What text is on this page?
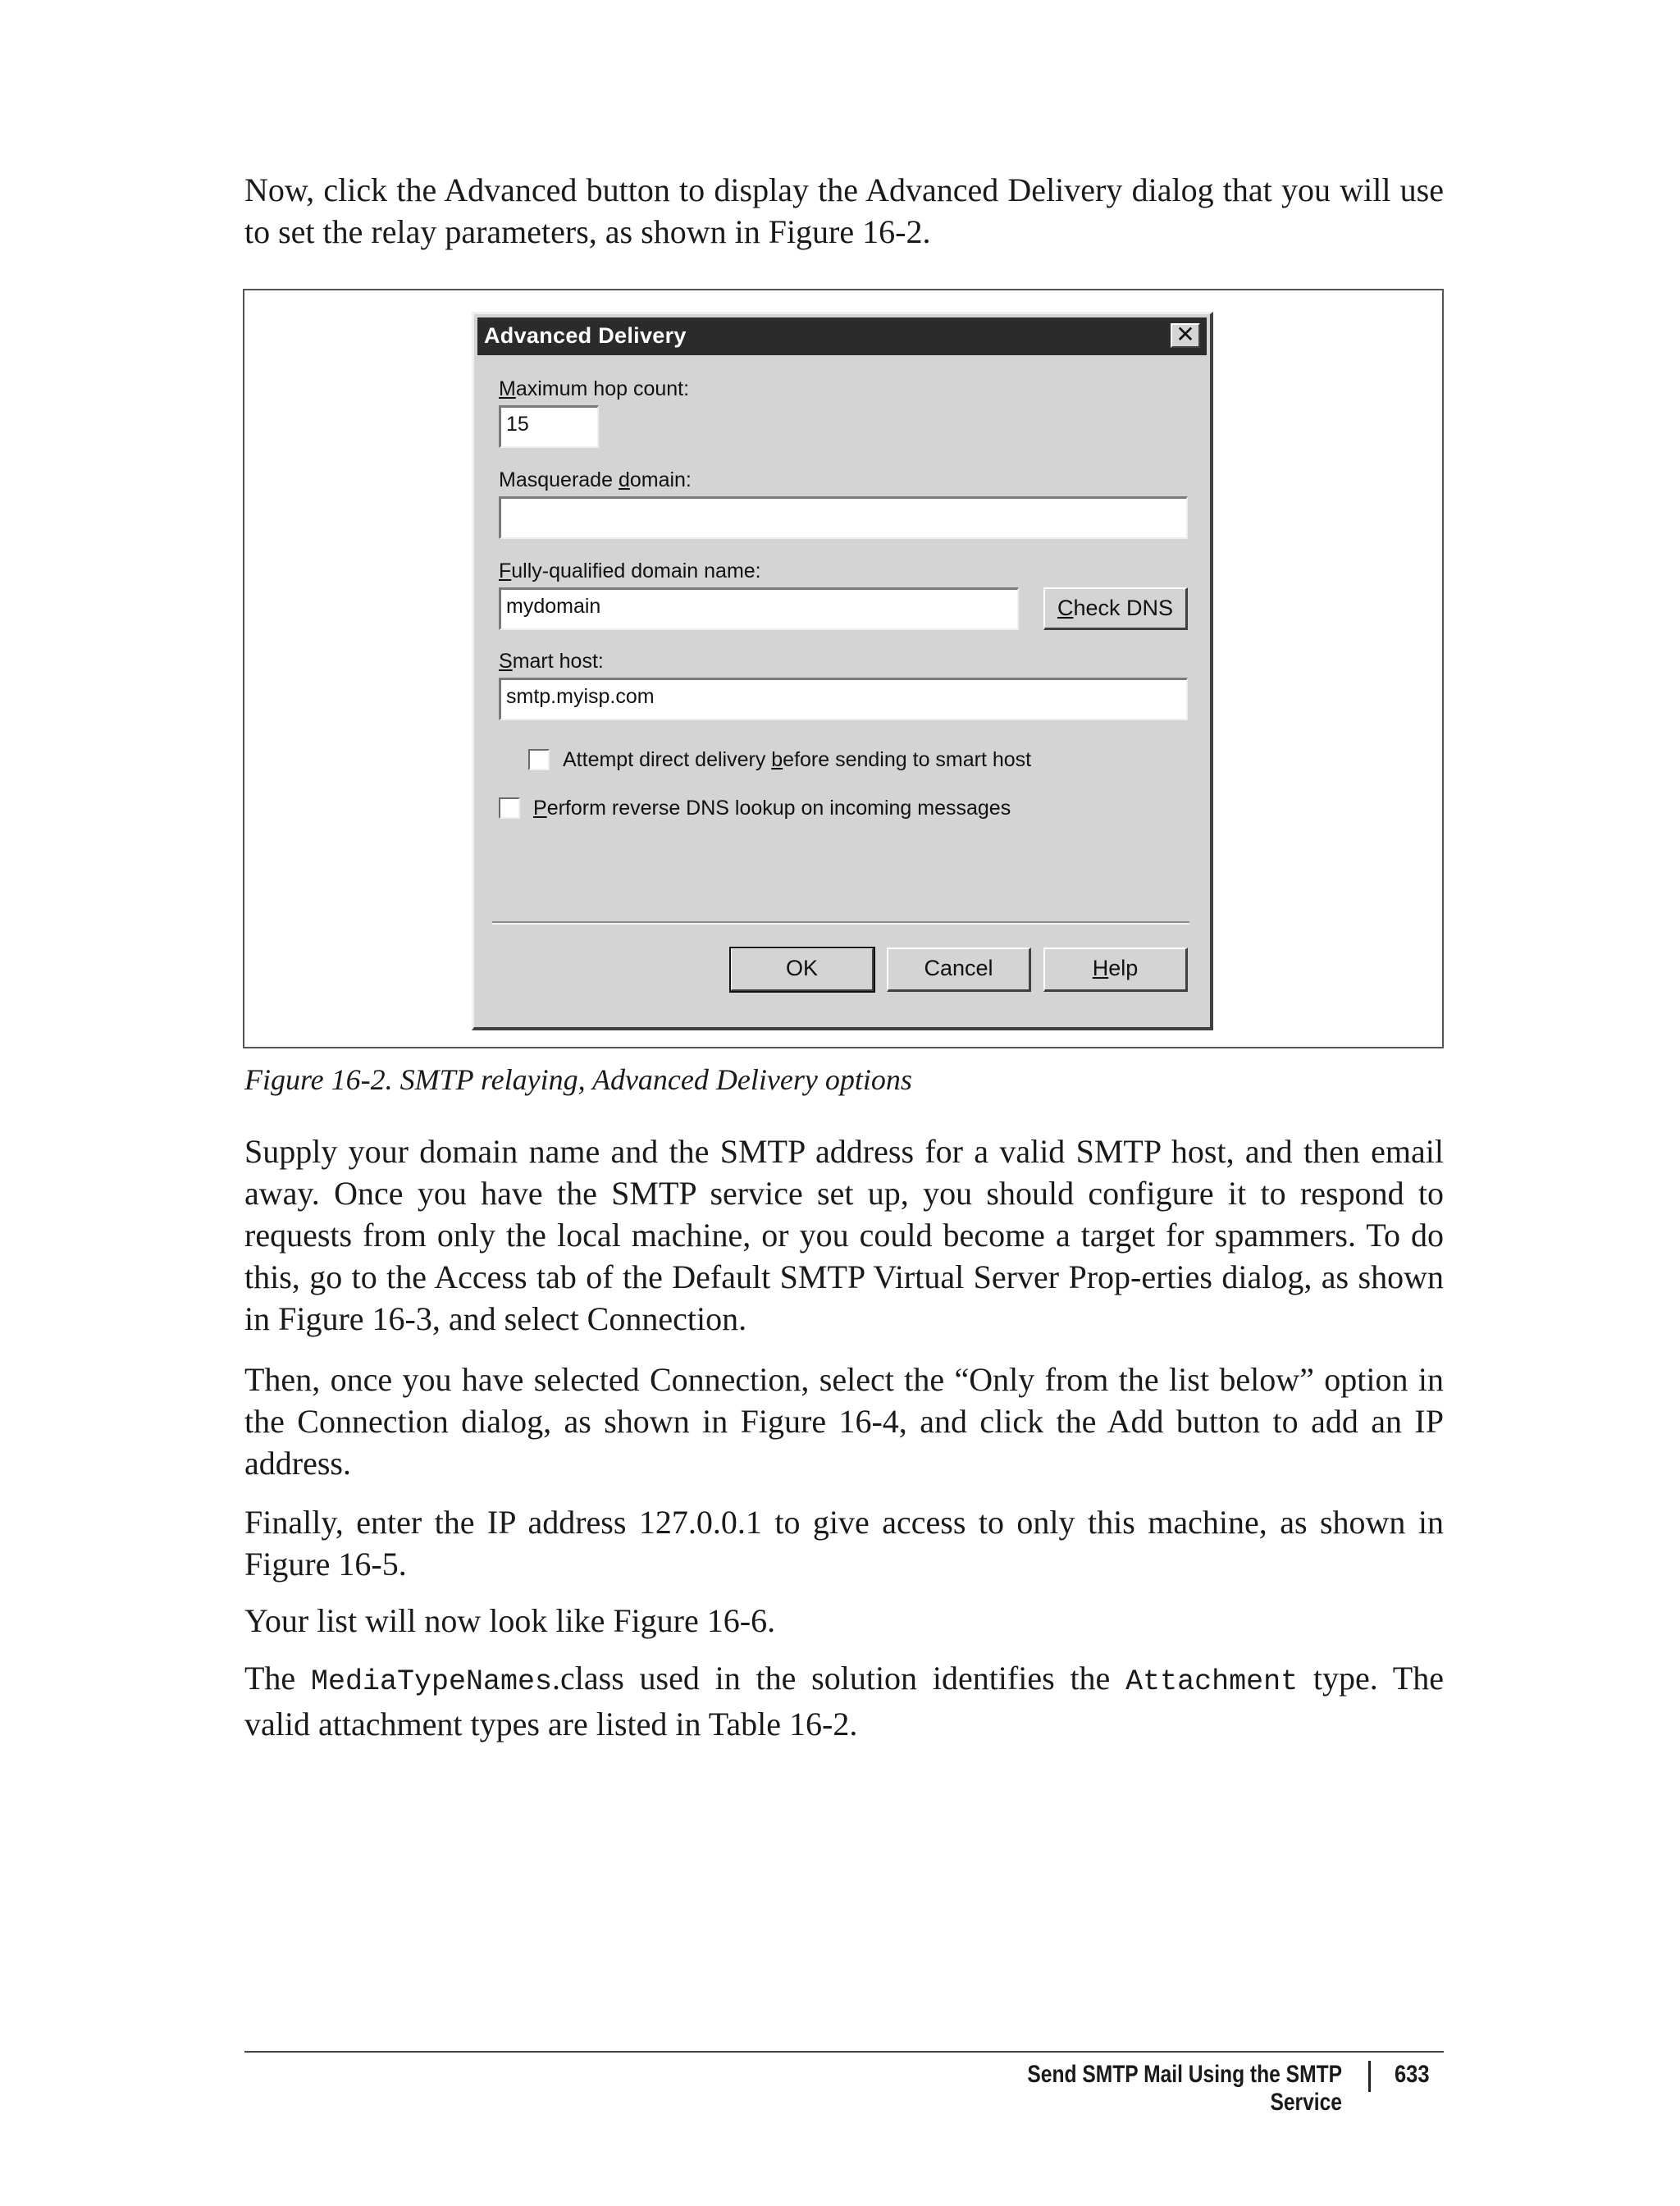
Now, click the Advanced button to display the Advanced Delivery dialog that you will use to set the relay parameters, as shown in Figure 16-2.

Advanced Delivery	✕
Maximum hop count:
15
Masquerade domain:
Fully-qualified domain name:
mydomain	Check DNS
Smart host:
smtp.myisp.com
Attempt direct delivery before sending to smart host
Perform reverse DNS lookup on incoming messages
OK	Cancel	Help

Figure 16-2. SMTP relaying, Advanced Delivery options

Supply your domain name and the SMTP address for a valid SMTP host, and then email away. Once you have the SMTP service set up, you should configure it to respond to requests from only the local machine, or you could become a target for spammers. To do this, go to the Access tab of the Default SMTP Virtual Server Prop-erties dialog, as shown in Figure 16-3, and select Connection.

Then, once you have selected Connection, select the “Only from the list below” option in the Connection dialog, as shown in Figure 16-4, and click the Add button to add an IP address.

Finally, enter the IP address 127.0.0.1 to give access to only this machine, as shown in Figure 16-5.

Your list will now look like Figure 16-6.

The MediaTypeNames.class used in the solution identifies the Attachment type. The valid attachment types are listed in Table 16-2.

Send SMTP Mail Using the SMTP Service
633
